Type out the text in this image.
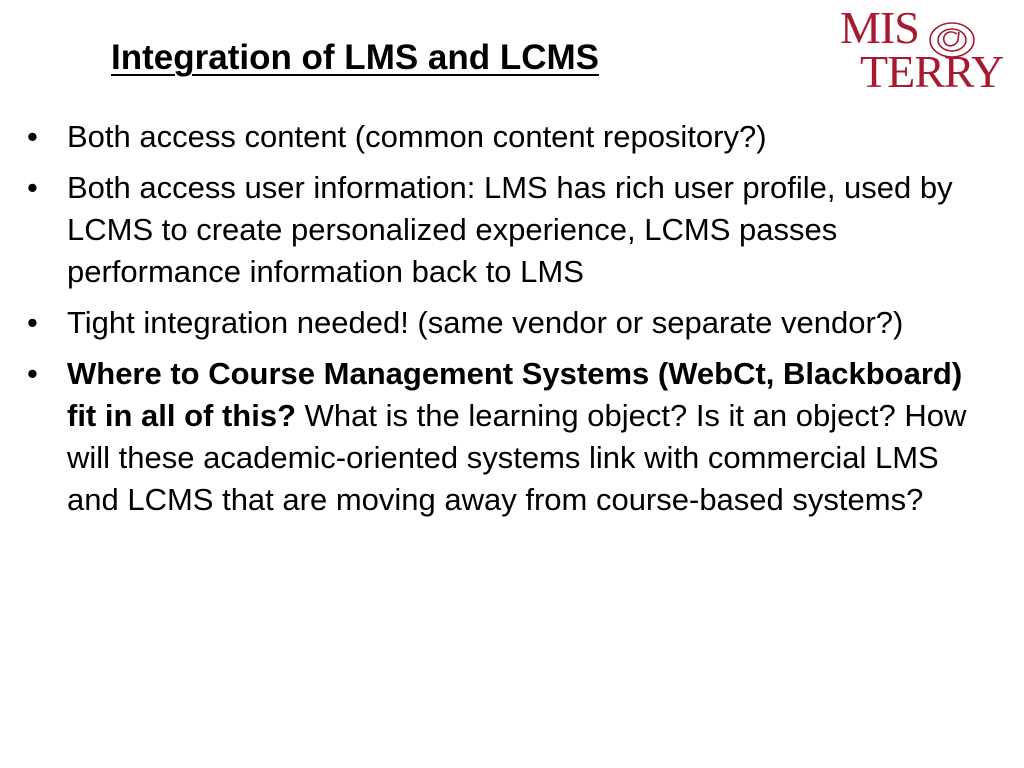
Integration of LMS and LCMS
MIS
TERRY
• Both access content (common content repository?)
• Both access user information: LMS has rich user profile, used by LCMS to create personalized experience, LCMS passes performance information back to LMS
• Tight integration needed! (same vendor or separate vendor?)
• Where to Course Management Systems (WebCt, Blackboard) fit in all of this? What is the learning object? Is it an object? How will these academic-oriented systems link with commercial LMS and LCMS that are moving away from course-based systems?
